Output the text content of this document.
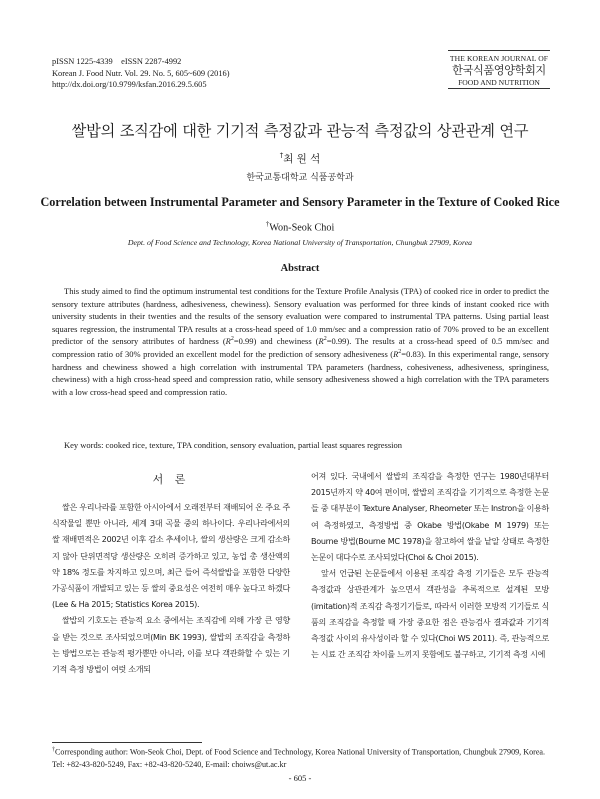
pISSN 1225-4339    eISSN 2287-4992
Korean J. Food Nutr. Vol. 29. No. 5, 605~609 (2016)
http://dx.doi.org/10.9799/ksfan.2016.29.5.605
THE KOREAN JOURNAL OF
한국식품영양학회지
FOOD AND NUTRITION
쌀밥의 조직감에 대한 기기적 측정값과 관능적 측정값의 상관관계 연구
†최 원 석
한국교통대학교 식품공학과
Correlation between Instrumental Parameter and Sensory Parameter in the Texture of Cooked Rice
†Won-Seok Choi
Dept. of Food Science and Technology, Korea National University of Transportation, Chungbuk 27909, Korea
Abstract

This study aimed to find the optimum instrumental test conditions for the Texture Profile Analysis (TPA) of cooked rice in order to predict the sensory texture attributes (hardness, adhesiveness, chewiness). Sensory evaluation was performed for three kinds of instant cooked rice with university students in their twenties and the results of the sensory evaluation were compared to instrumental TPA patterns. Using partial least squares regression, the instrumental TPA results at a cross-head speed of 1.0 mm/sec and a compression ratio of 70% proved to be an excellent predictor of the sensory attributes of hardness $(R^2=0.99)$ and chewiness $(R^2=0.99)$. The results at a cross-head speed of 0.5 mm/sec and compression ratio of 30% provided an excellent model for the prediction of sensory adhesiveness $(R^2=0.83)$. In this experimental range, sensory hardness and chewiness showed a high correlation with instrumental TPA parameters (hardness, cohesiveness, adhesiveness, springiness, chewiness) with a high cross-head speed and compression ratio, while sensory adhesiveness showed a high correlation with the TPA parameters with a low cross-head speed and compression ratio.

Key words: cooked rice, texture, TPA condition, sensory evaluation, partial least squares regression
서 론

쌀은 우리나라를 포함한 아시아에서 오래전부터 재배되어 온 주요 주식작물일 뿐만 아니라, 세계 3대 곡물 중의 하나이다. 우리나라에서의 쌀 재배면적은 2002년 이후 감소 추세이나, 쌀의 생산량은 크게 감소하지 않아 단위면적당 생산량은 오히려 증가하고 있고, 농업 총 생산액의 약 18% 정도를 차지하고 있으며, 최근 들어 즉석쌀밥을 포함한 다양한 가공식품이 개발되고 있는 등 쌀의 중요성은 여전히 매우 높다고 하겠다(Lee & Ha 2015; Statistics Korea 2015).

쌀밥의 기호도는 관능적 요소 중에서는 조직감에 의해 가장 큰 영향을 받는 것으로 조사되었으며(Min BK 1993), 쌀밥의 조직감을 측정하는 방법으로는 관능적 평가뿐만 아니라, 이를 보다 객관화할 수 있는 기기적 측정 방법이 여럿 소개되

어져 있다. 국내에서 쌀밥의 조직감을 측정한 연구는 1980년대부터 2015년까지 약 40여 편이며, 쌀밥의 조직감을 기기적으로 측정한 논문들 중 대부분이 Texture Analyser, Rheometer 또는 Instron을 이용하여 측정하였고, 측정방법 중 Okabe 방법(Okabe M 1979) 또는 Bourne 방법(Bourne MC 1978)을 참고하여 쌀을 낱알 상태로 측정한 논문이 대다수로 조사되었다(Choi & Choi 2015).

앞서 언급된 논문들에서 이용된 조직감 측정 기기들은 모두 관능적 측정값과 상관관계가 높으면서 객관성을 추록적으로 설계된 모방(imitation)적 조직감 측정기기들로, 따라서 이러한 모방적 기기들로 식품의 조직감을 측정할 때 가장 중요한 점은 관능검사 결과값과 기기적 측정값 사이의 유사성이라 할 수 있다(Choi WS 2011). 즉, 관능적으로는 시료 간 조직감 차이를 느끼지 못함에도 불구하고, 기기적 측정 시에

†Corresponding author: Won-Seok Choi, Dept. of Food Science and Technology, Korea National University of Transportation, Chungbuk 27909, Korea. Tel: +82-43-820-5249, Fax: +82-43-820-5240, E-mail: choiws@ut.ac.kr
- 605 -
